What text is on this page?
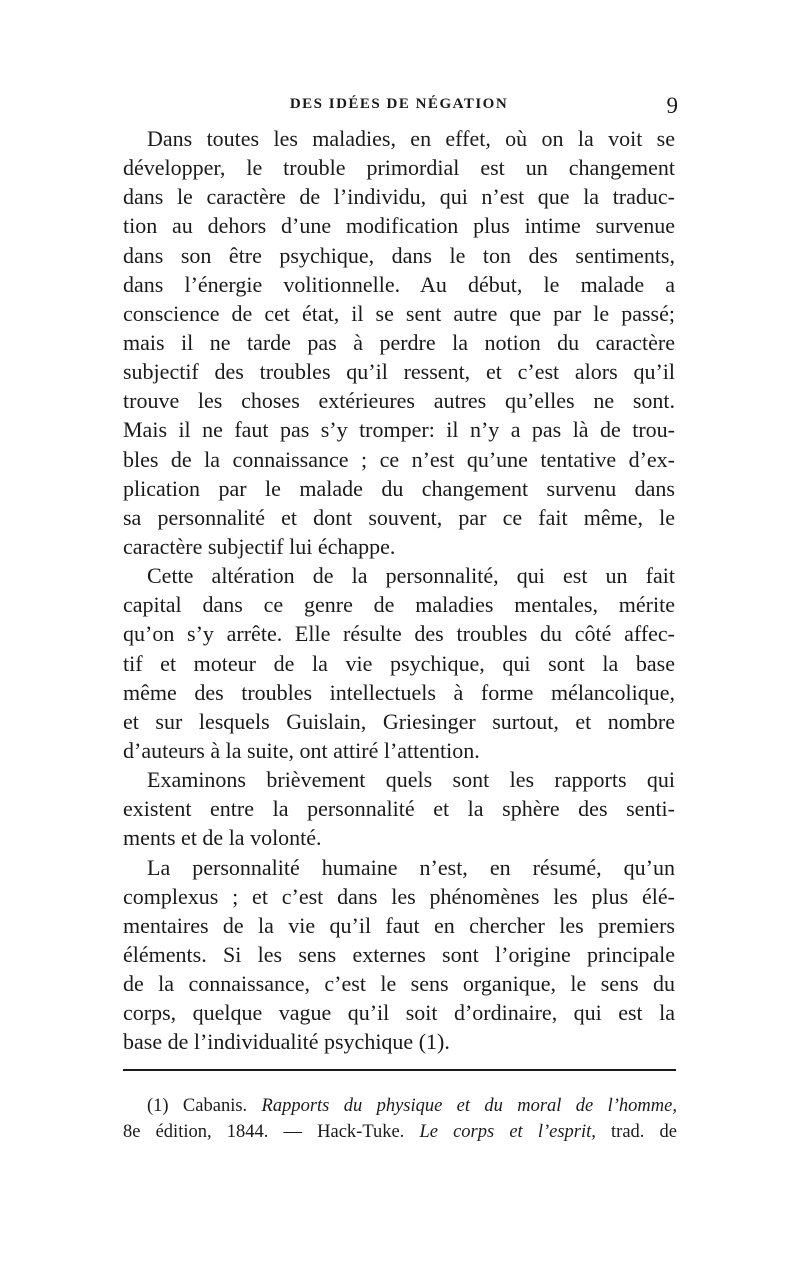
DES IDÉES DE NÉGATION	9
Dans toutes les maladies, en effet, où on la voit se
développer, le trouble primordial est un changement
dans le caractère de l’individu, qui n’est que la traduc-
tion au dehors d’une modification plus intime survenue
dans son être psychique, dans le ton des sentiments,
dans l’énergie volitionnelle. Au début, le malade a
conscience de cet état, il se sent autre que par le passé;
mais il ne tarde pas à perdre la notion du caractère
subjectif des troubles qu’il ressent, et c’est alors qu’il
trouve les choses extérieures autres qu’elles ne sont.
Mais il ne faut pas s’y tromper: il n’y a pas là de trou-
bles de la connaissance ; ce n’est qu’une tentative d’ex-
plication par le malade du changement survenu dans
sa personnalité et dont souvent, par ce fait même, le
caractère subjectif lui échappe.
Cette altération de la personnalité, qui est un fait
capital dans ce genre de maladies mentales, mérite
qu’on s’y arrête. Elle résulte des troubles du côté affec-
tif et moteur de la vie psychique, qui sont la base
même des troubles intellectuels à forme mélancolique,
et sur lesquels Guislain, Griesinger surtout, et nombre
d’auteurs à la suite, ont attiré l’attention.
Examinons brièvement quels sont les rapports qui
existent entre la personnalité et la sphère des senti-
ments et de la volonté.
La personnalité humaine n’est, en résumé, qu’un
complexus ; et c’est dans les phénomènes les plus élé-
mentaires de la vie qu’il faut en chercher les premiers
éléments. Si les sens externes sont l’origine principale
de la connaissance, c’est le sens organique, le sens du
corps, quelque vague qu’il soit d’ordinaire, qui est la
base de l’individualité psychique (1).
(1) Cabanis. Rapports du physique et du moral de l’homme,
8e édition, 1844. — Hack-Tuke. Le corps et l’esprit, trad. de
